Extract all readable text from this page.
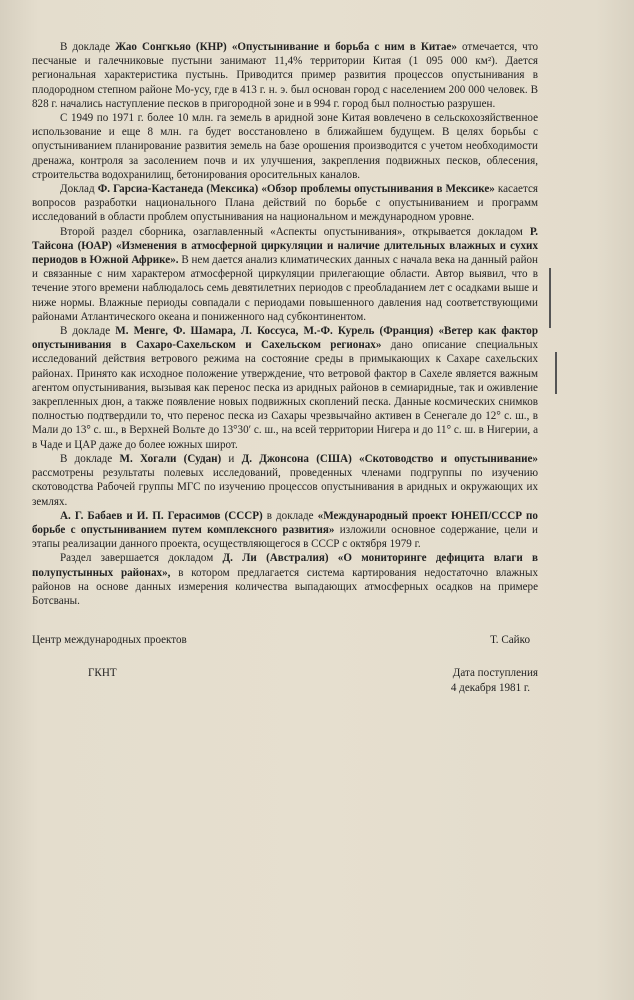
В докладе Жао Сонгкьяо (КНР) «Опустынивание и борьба с ним в Китае» отмечается, что песчаные и галечниковые пустыни занимают 11,4% территории Китая (1 095 000 км²). Дается региональная характеристика пустынь. Приводится пример развития процессов опустынивания в плодородном степном районе Мо-усу, где в 413 г. н. э. был основан город с населением 200 000 человек. В 828 г. начались наступление песков в пригородной зоне и в 994 г. город был полностью разрушен.

С 1949 по 1971 г. более 10 млн. га земель в аридной зоне Китая вовлечено в сельскохозяйственное использование и еще 8 млн. га будет восстановлено в ближайшем будущем. В целях борьбы с опустыниванием планирование развития земель на базе орошения производится с учетом необходимости дренажа, контроля за засолением почв и их улучшения, закрепления подвижных песков, облесения, строительства водохранилищ, бетонирования оросительных каналов.

Доклад Ф. Гарсиа-Кастанеда (Мексика) «Обзор проблемы опустынивания в Мексике» касается вопросов разработки национального Плана действий по борьбе с опустыниванием и программ исследований в области проблем опустынивания на национальном и международном уровне.

Второй раздел сборника, озаглавленный «Аспекты опустынивания», открывается докладом Р. Тайсона (ЮАР) «Изменения в атмосферной циркуляции и наличие длительных влажных и сухих периодов в Южной Африке». В нем дается анализ климатических данных с начала века на данный район и связанные с ним характером атмосферной циркуляции прилегающие области. Автор выявил, что в течение этого времени наблюдалось семь девятилетних периодов с преобладанием лет с осадками выше и ниже нормы. Влажные периоды совпадали с периодами повышенного давления над соответствующими районами Атлантического океана и пониженного над субконтинентом.

В докладе М. Менге, Ф. Шамара, Л. Коссуса, М.-Ф. Курель (Франция) «Ветер как фактор опустынивания в Сахаро-Сахельском и Сахельском регионах» дано описание специальных исследований действия ветрового режима на состояние среды в примыкающих к Сахаре сахельских районах. Принято как исходное положение утверждение, что ветровой фактор в Сахеле является важным агентом опустынивания, вызывая как перенос песка из аридных районов в семиаридные, так и оживление закрепленных дюн, а также появление новых подвижных скоплений песка. Данные космических снимков полностью подтвердили то, что перенос песка из Сахары чрезвычайно активен в Сенегале до 12° с. ш., в Мали до 13° с. ш., в Верхней Вольте до 13°30′ с. ш., на всей территории Нигера и до 11° с. ш. в Нигерии, а в Чаде и ЦАР даже до более южных широт.

В докладе М. Хогали (Судан) и Д. Джонсона (США) «Скотоводство и опустынивание» рассмотрены результаты полевых исследований, проведенных членами подгруппы по изучению скотоводства Рабочей группы МГС по изучению процессов опустынивания в аридных и окружающих их землях.

А. Г. Бабаев и И. П. Герасимов (СССР) в докладе «Международный проект ЮНЕП/СССР по борьбе с опустыниванием путем комплексного развития» изложили основное содержание, цели и этапы реализации данного проекта, осуществляющегося в СССР с октября 1979 г.

Раздел завершается докладом Д. Ли (Австралия) «О мониторинге дефицита влаги в полупустынных районах», в котором предлагается система картирования недостаточно влажных районов на основе данных измерения количества выпадающих атмосферных осадков на примере Ботсваны.

Центр международных проектов
ГКНТ
Т. Сайко
Дата поступления
4 декабря 1981 г.
